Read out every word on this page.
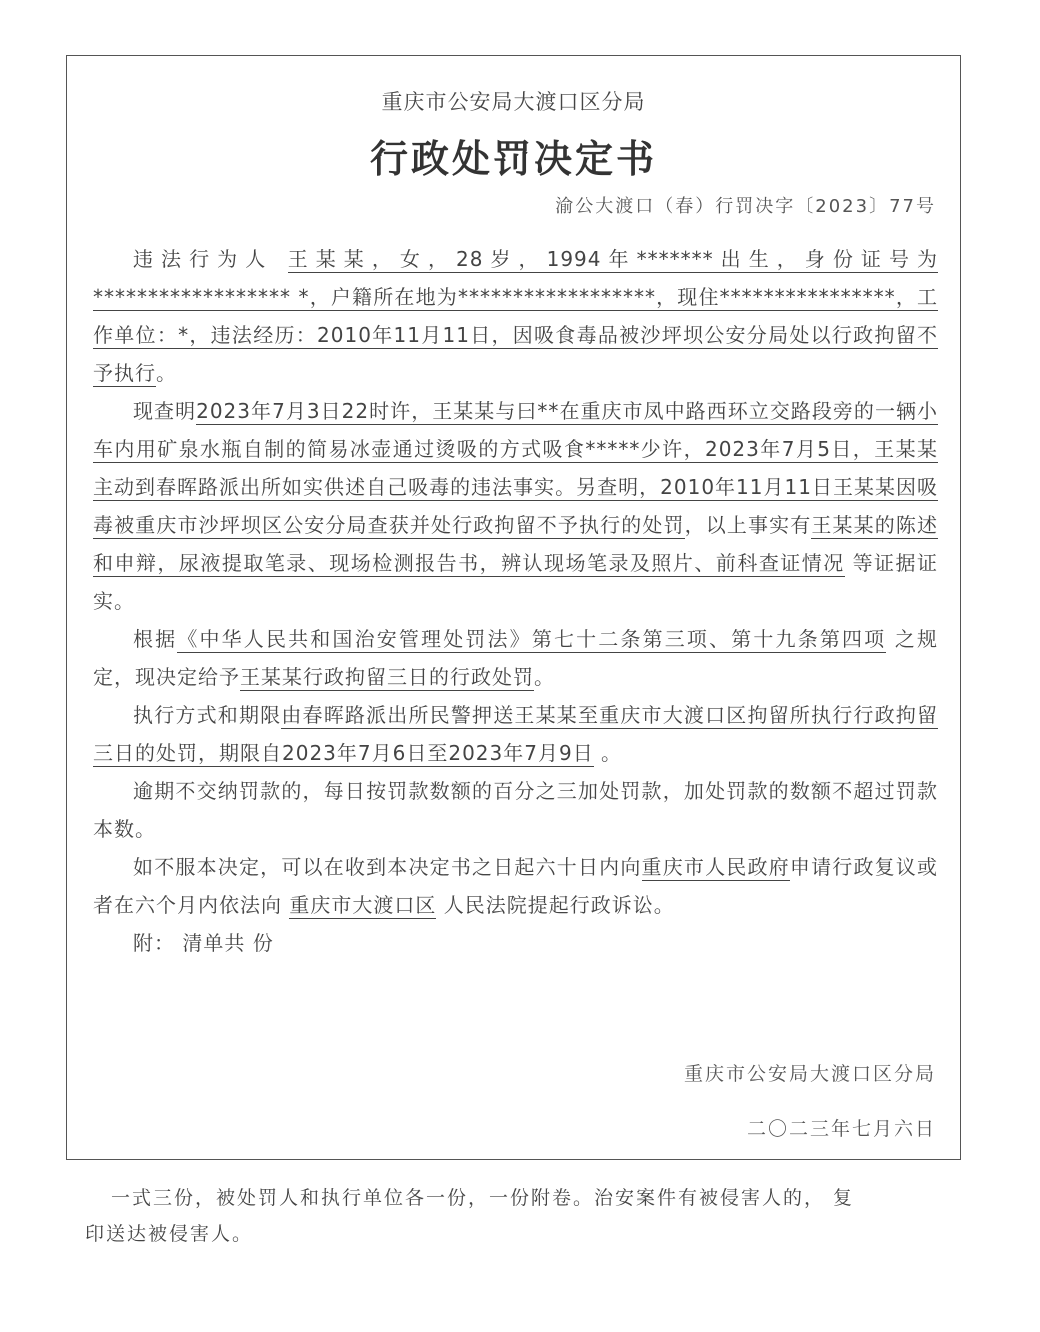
重庆市公安局大渡口区分局
行政处罚决定书
渝公大渡口（春）行罚决字〔2023〕77号

违法行为人 王某某，女，28岁，1994年*******出生，身份证号为****************** *，户籍所在地为******************，现住****************，工作单位：*，违法经历：2010年11月11日，因吸食毒品被沙坪坝公安分局处以行政拘留不予执行。

现查明2023年7月3日22时许，王某某与曰**在重庆市凤中路西环立交路段旁的一辆小车内用矿泉水瓶自制的简易冰壶通过烫吸的方式吸食*****少许，2023年7月5日，王某某主动到春晖路派出所如实供述自己吸毒的违法事实。另查明，2010年11月11日王某某因吸毒被重庆市沙坪坝区公安分局查获并处行政拘留不予执行的处罚，以上事实有王某某的陈述和申辩，尿液提取笔录、现场检测报告书，辨认现场笔录及照片、前科查证情况 等证据证实。

根据《中华人民共和国治安管理处罚法》第七十二条第三项、第十九条第四项 之规定，现决定给予王某某行政拘留三日的行政处罚。

执行方式和期限由春晖路派出所民警押送王某某至重庆市大渡口区拘留所执行行政拘留三日的处罚，期限自2023年7月6日至2023年7月9日 。

逾期不交纳罚款的，每日按罚款数额的百分之三加处罚款，加处罚款的数额不超过罚款本数。

如不服本决定，可以在收到本决定书之日起六十日内向重庆市人民政府申请行政复议或者在六个月内依法向 重庆市大渡口区 人民法院提起行政诉讼。

附： 清单共 份

重庆市公安局大渡口区分局
二〇二三年七月六日
一式三份，被处罚人和执行单位各一份，一份附卷。治安案件有被侵害人的， 复
印送达被侵害人。
